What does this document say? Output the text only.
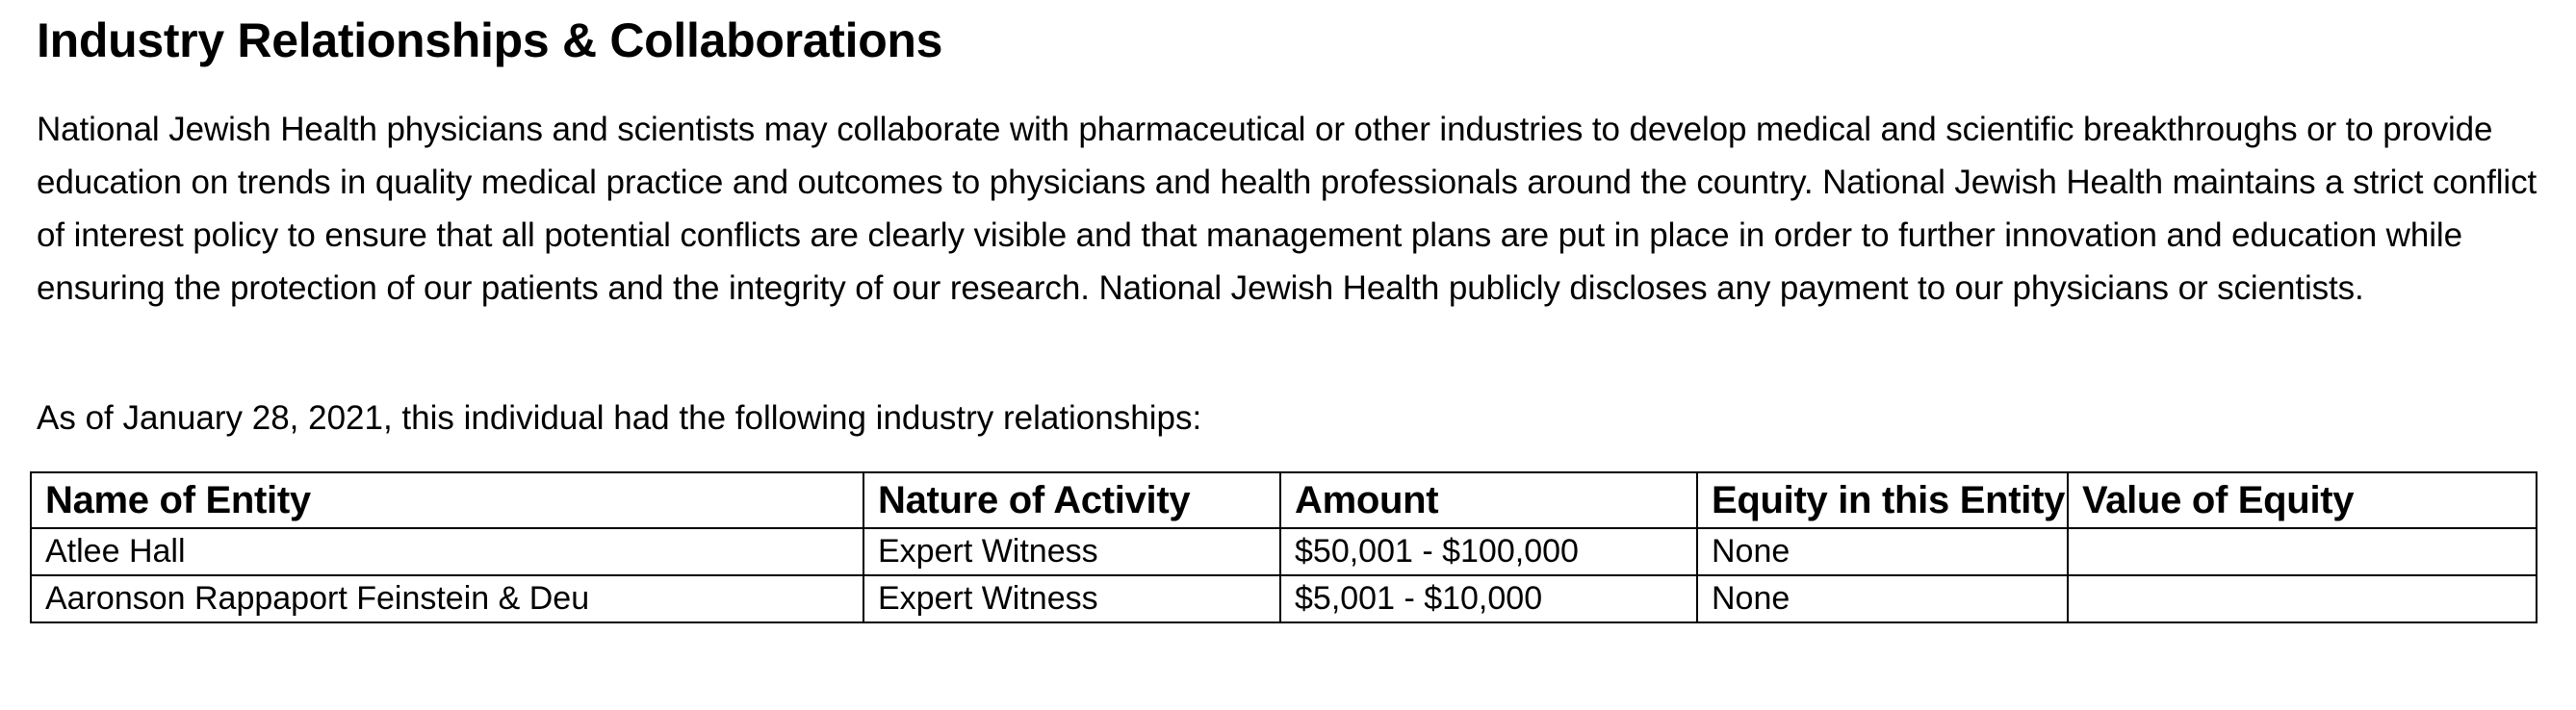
Industry Relationships & Collaborations

National Jewish Health physicians and scientists may collaborate with pharmaceutical or other industries to develop medical and scientific breakthroughs or to provide education on trends in quality medical practice and outcomes to physicians and health professionals around the country. National Jewish Health maintains a strict conflict of interest policy to ensure that all potential conflicts are clearly visible and that management plans are put in place in order to further innovation and education while ensuring the protection of our patients and the integrity of our research. National Jewish Health publicly discloses any payment to our physicians or scientists.

As of January 28, 2021, this individual had the following industry relationships:

Name of Entity	Nature of Activity	Amount	Equity in this Entity	Value of Equity
Atlee Hall	Expert Witness	$50,001 - $100,000	None	
Aaronson Rappaport Feinstein & Deu	Expert Witness	$5,001 - $10,000	None	
